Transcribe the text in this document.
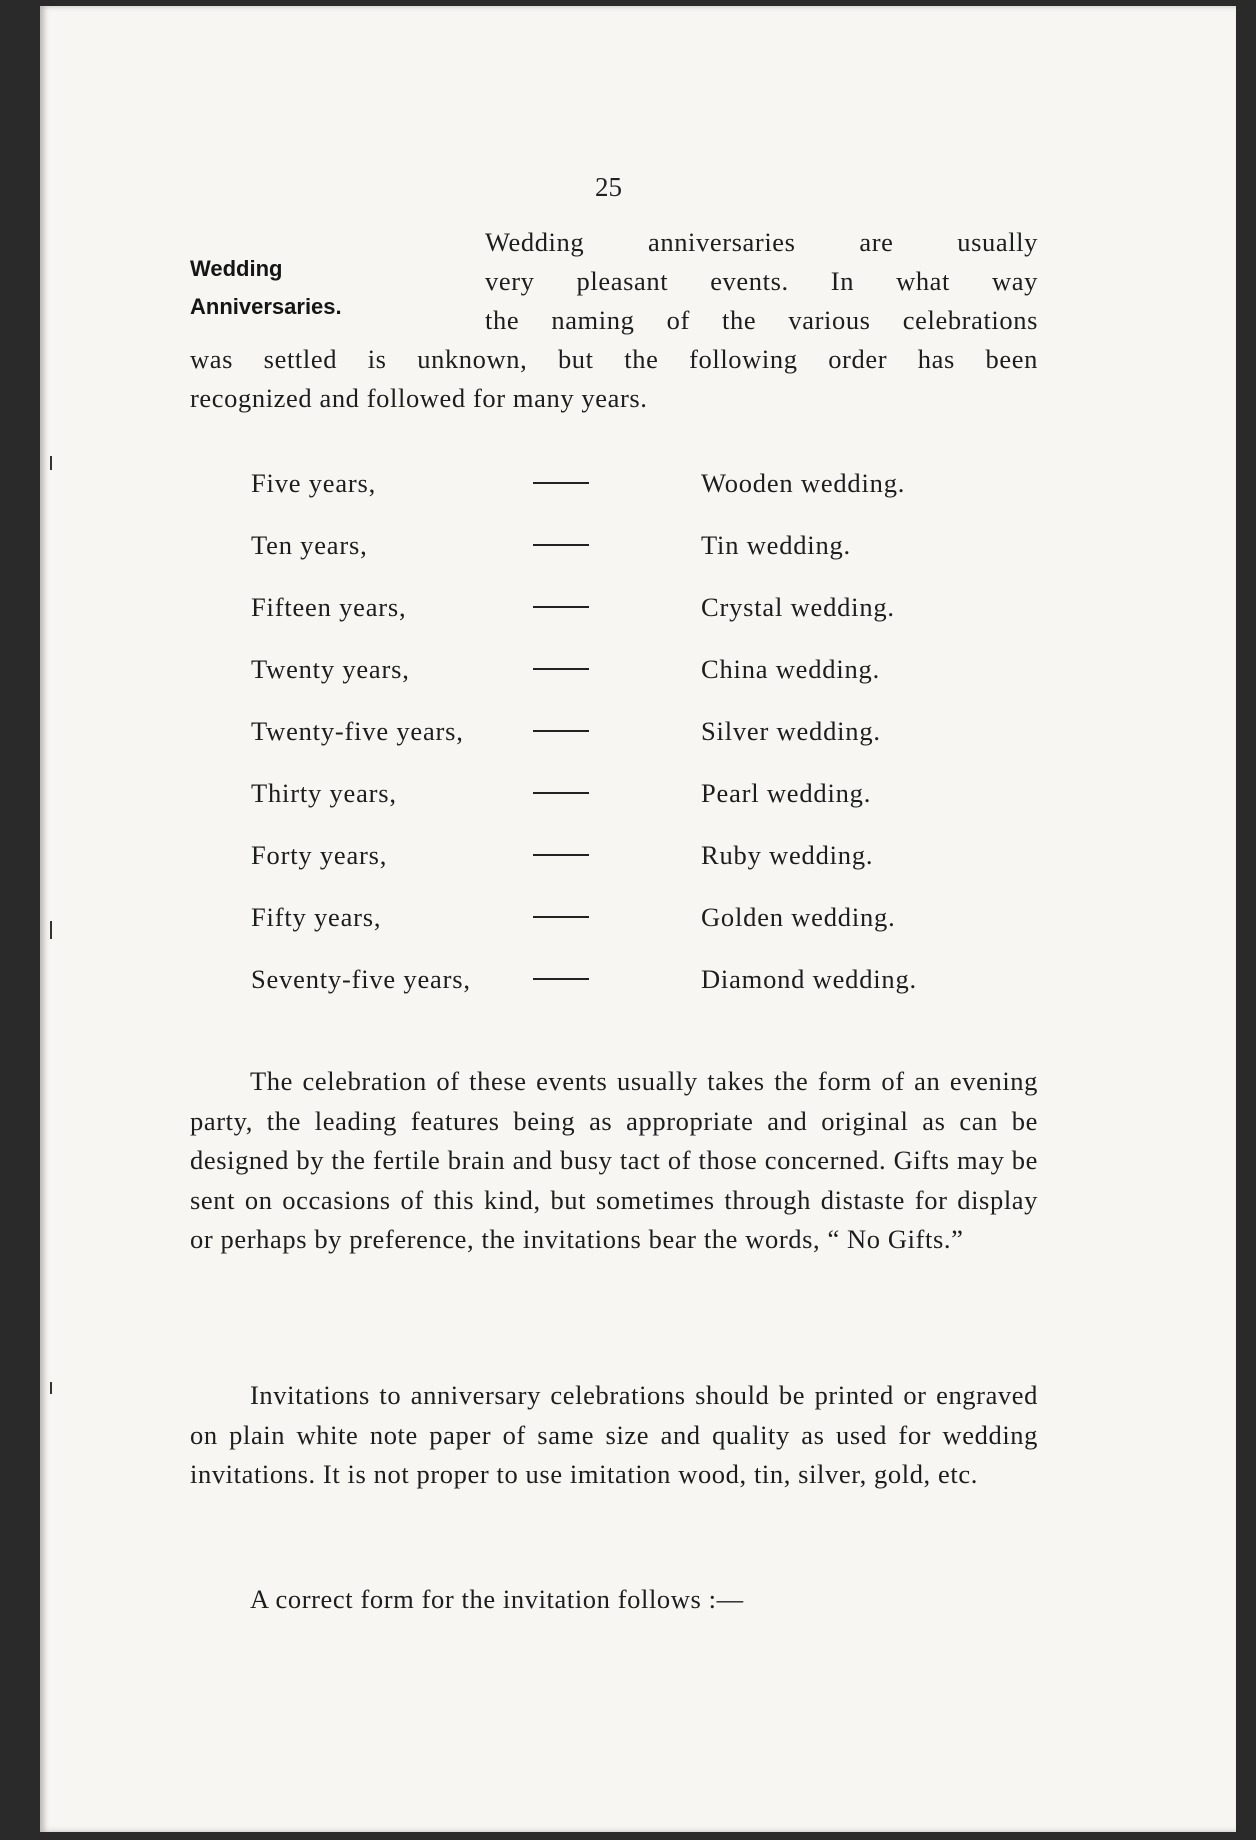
25
Wedding
Anniversaries.
Wedding anniversaries are usually
very pleasant events. In what way
the naming of the various celebrations
was settled is unknown, but the following order has been
recognized and followed for many years.
Five years,	Wooden wedding.
Ten years,	Tin wedding.
Fifteen years,	Crystal wedding.
Twenty years,	China wedding.
Twenty-five years,	Silver wedding.
Thirty years,	Pearl wedding.
Forty years,	Ruby wedding.
Fifty years,	Golden wedding.
Seventy-five years,	Diamond wedding.
The celebration of these events usually takes the form of an evening party, the leading features being as appropriate and original as can be designed by the fertile brain and busy tact of those concerned. Gifts may be sent on occasions of this kind, but sometimes through distaste for display or perhaps by preference, the invitations bear the words, “ No Gifts.”
Invitations to anniversary celebrations should be printed or engraved on plain white note paper of same size and quality as used for wedding invitations. It is not proper to use imitation wood, tin, silver, gold, etc.
A correct form for the invitation follows :—
